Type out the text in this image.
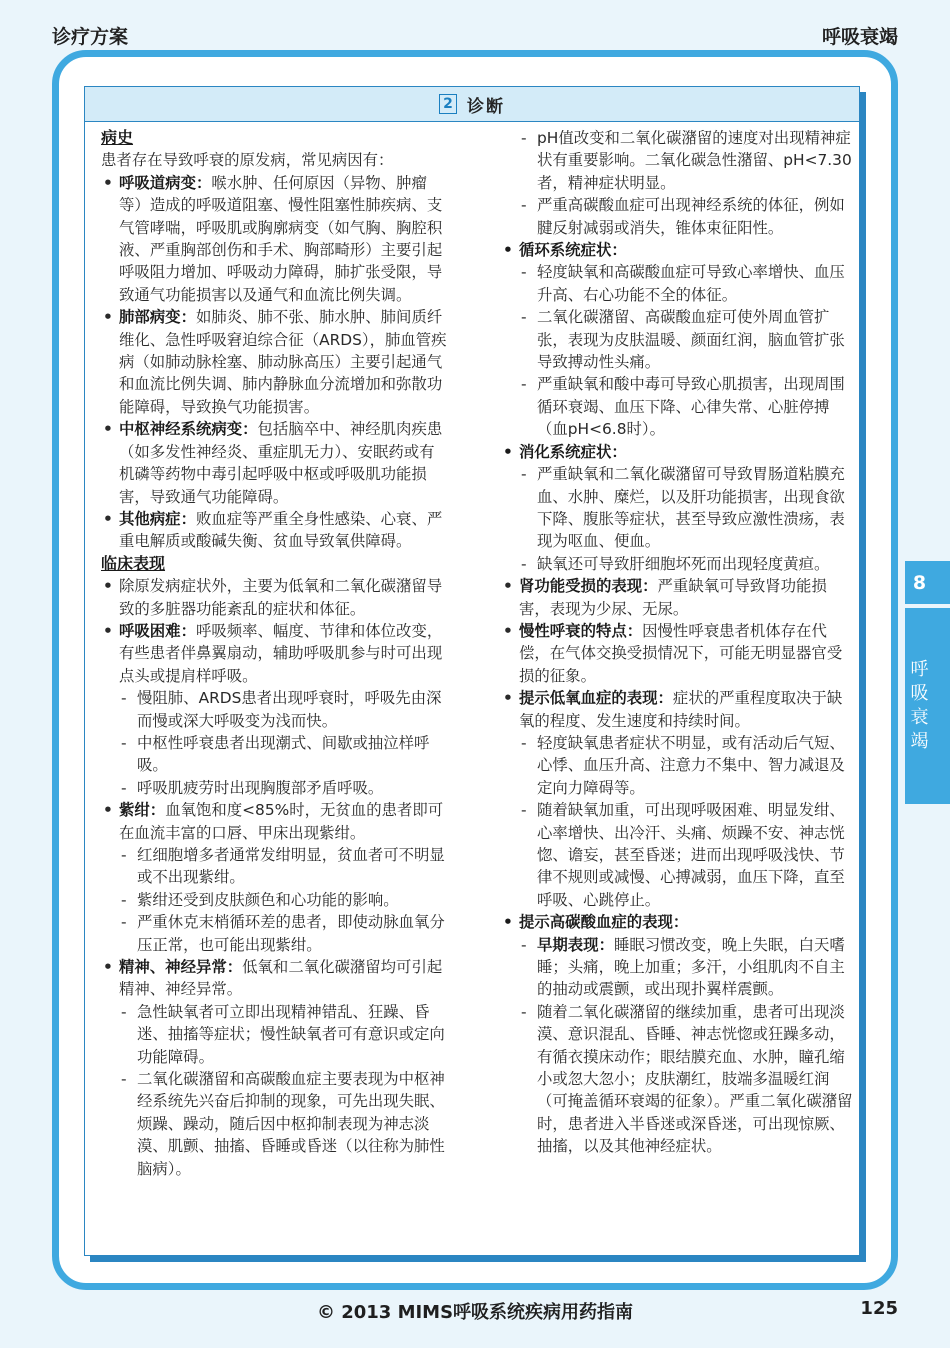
诊疗方案	呼吸衰竭
2 诊断
病史
患者存在导致呼衰的原发病，常见病因有：
• 呼吸道病变：喉水肿、任何原因（异物、肿瘤等）造成的呼吸道阻塞、慢性阻塞性肺疾病、支气管哮喘，呼吸肌或胸廓病变（如气胸、胸腔积液、严重胸部创伤和手术、胸部畸形）主要引起呼吸阻力增加、呼吸动力障碍，肺扩张受限，导致通气功能损害以及通气和血流比例失调。
• 肺部病变：如肺炎、肺不张、肺水肿、肺间质纤维化、急性呼吸窘迫综合征（ARDS），肺血管疾病（如肺动脉栓塞、肺动脉高压）主要引起通气和血流比例失调、肺内静脉血分流增加和弥散功能障碍，导致换气功能损害。
• 中枢神经系统病变：包括脑卒中、神经肌肉疾患（如多发性神经炎、重症肌无力）、安眠药或有机磷等药物中毒引起呼吸中枢或呼吸肌功能损害，导致通气功能障碍。
• 其他病症：败血症等严重全身性感染、心衰、严重电解质或酸碱失衡、贫血导致氧供障碍。
临床表现
• 除原发病症状外，主要为低氧和二氧化碳潴留导致的多脏器功能紊乱的症状和体征。
• 呼吸困难：呼吸频率、幅度、节律和体位改变，有些患者伴鼻翼扇动，辅助呼吸肌参与时可出现点头或提肩样呼吸。
- 慢阻肺、ARDS患者出现呼衰时，呼吸先由深而慢或深大呼吸变为浅而快。
- 中枢性呼衰患者出现潮式、间歇或抽泣样呼吸。
- 呼吸肌疲劳时出现胸腹部矛盾呼吸。
• 紫绀：血氧饱和度<85%时，无贫血的患者即可在血流丰富的口唇、甲床出现紫绀。
- 红细胞增多者通常发绀明显，贫血者可不明显或不出现紫绀。
- 紫绀还受到皮肤颜色和心功能的影响。
- 严重休克末梢循环差的患者，即使动脉血氧分压正常，也可能出现紫绀。
• 精神、神经异常：低氧和二氧化碳潴留均可引起精神、神经异常。
- 急性缺氧者可立即出现精神错乱、狂躁、昏迷、抽搐等症状；慢性缺氧者可有意识或定向功能障碍。
- 二氧化碳潴留和高碳酸血症主要表现为中枢神经系统先兴奋后抑制的现象，可先出现失眠、烦躁、躁动，随后因中枢抑制表现为神志淡漠、肌颤、抽搐、昏睡或昏迷（以往称为肺性脑病）。
- pH值改变和二氧化碳潴留的速度对出现精神症状有重要影响。二氧化碳急性潴留、pH<7.30者，精神症状明显。
- 严重高碳酸血症可出现神经系统的体征，例如腱反射减弱或消失，锥体束征阳性。
• 循环系统症状：
- 轻度缺氧和高碳酸血症可导致心率增快、血压升高、右心功能不全的体征。
- 二氧化碳潴留、高碳酸血症可使外周血管扩张，表现为皮肤温暖、颜面红润，脑血管扩张导致搏动性头痛。
- 严重缺氧和酸中毒可导致心肌损害，出现周围循环衰竭、血压下降、心律失常、心脏停搏（血pH<6.8时）。
• 消化系统症状：
- 严重缺氧和二氧化碳潴留可导致胃肠道粘膜充血、水肿、糜烂，以及肝功能损害，出现食欲下降、腹胀等症状，甚至导致应激性溃疡，表现为呕血、便血。
- 缺氧还可导致肝细胞坏死而出现轻度黄疸。
• 肾功能受损的表现：严重缺氧可导致肾功能损害，表现为少尿、无尿。
• 慢性呼衰的特点：因慢性呼衰患者机体存在代偿，在气体交换受损情况下，可能无明显器官受损的征象。
• 提示低氧血症的表现：症状的严重程度取决于缺氧的程度、发生速度和持续时间。
- 轻度缺氧患者症状不明显，或有活动后气短、心悸、血压升高、注意力不集中、智力减退及定向力障碍等。
- 随着缺氧加重，可出现呼吸困难、明显发绀、心率增快、出冷汗、头痛、烦躁不安、神志恍惚、谵妄，甚至昏迷；进而出现呼吸浅快、节律不规则或减慢、心搏减弱，血压下降，直至呼吸、心跳停止。
• 提示高碳酸血症的表现：
- 早期表现：睡眠习惯改变，晚上失眠，白天嗜睡；头痛，晚上加重；多汗，小组肌肉不自主的抽动或震颤，或出现扑翼样震颤。
- 随着二氧化碳潴留的继续加重，患者可出现淡漠、意识混乱、昏睡、神志恍惚或狂躁多动，有循衣摸床动作；眼结膜充血、水肿，瞳孔缩小或忽大忽小；皮肤潮红，肢端多温暖红润（可掩盖循环衰竭的征象）。严重二氧化碳潴留时，患者进入半昏迷或深昏迷，可出现惊厥、抽搐，以及其他神经症状。
8
呼吸衰竭
© 2013 MIMS呼吸系统疾病用药指南	125
